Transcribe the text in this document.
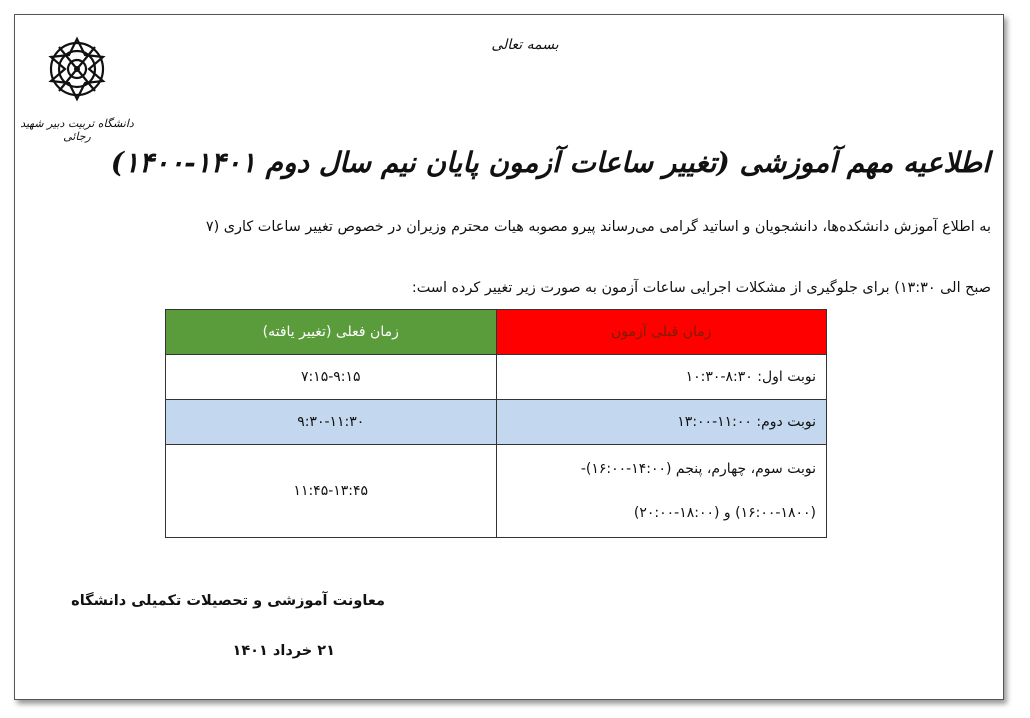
دانشگاه تربیت دبیر شهید رجائی
بسمه تعالی
اطلاعیه مهم آموزشی (تغییر ساعات آزمون پایان نیم سال دوم ۱۴۰۱-۱۴۰۰)
به اطلاع آموزش دانشکده‌ها، دانشجویان و اساتید گرامی می‌رساند پیرو مصوبه هیات محترم وزیران در خصوص تغییر ساعات کاری (۷
صبح الی ۱۳:۳۰) برای جلوگیری از مشکلات اجرایی ساعات آزمون به صورت زیر تغییر کرده است:
زمان قبلی آزمون	زمان فعلی (تغییر یافته)
نوبت اول: ۸:۳۰-۱۰:۳۰	۷:۱۵-۹:۱۵
نوبت دوم: ۱۱:۰۰-۱۳:۰۰	۹:۳۰-۱۱:۳۰

نوبت سوم، چهارم، پنجم (۱۴:۰۰-۱۶:۰۰)-
(۱۶:۰۰-۱۸۰۰) و (۱۸:۰۰-۲۰:۰۰)	۱۱:۴۵-۱۳:۴۵
معاونت آموزشی و تحصیلات تکمیلی دانشگاه
۲۱ خرداد ۱۴۰۱
